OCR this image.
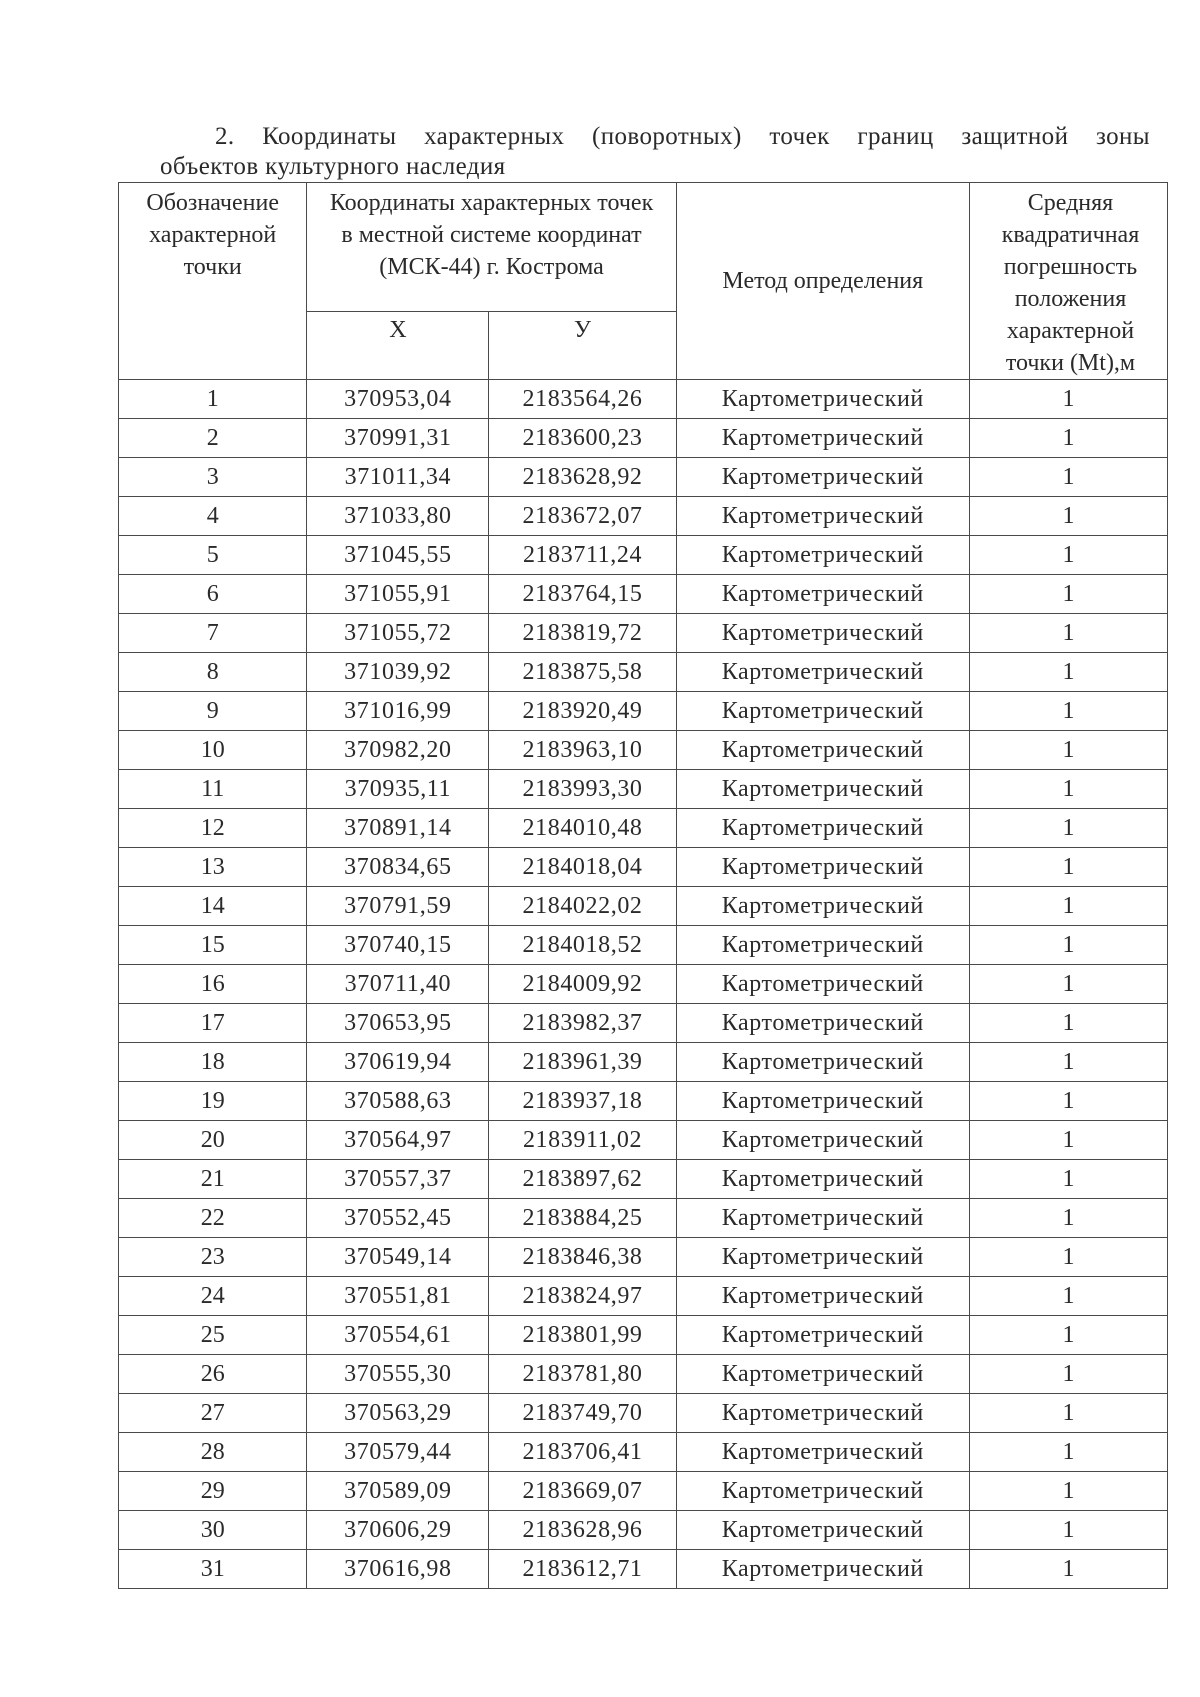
2. Координаты характерных (поворотных) точек границ защитной зоны
объектов культурного наследия
Обозначение характерной точки	Координаты характерных точек в местной системе координат (МСК-44) г. Кострома		Метод определения	Средняя квадратичная погрешность положения характерной точки (Mt),м
	X	У		
1	370953,04	2183564,26	Картометрический	1
2	370991,31	2183600,23	Картометрический	1
3	371011,34	2183628,92	Картометрический	1
4	371033,80	2183672,07	Картометрический	1
5	371045,55	2183711,24	Картометрический	1
6	371055,91	2183764,15	Картометрический	1
7	371055,72	2183819,72	Картометрический	1
8	371039,92	2183875,58	Картометрический	1
9	371016,99	2183920,49	Картометрический	1
10	370982,20	2183963,10	Картометрический	1
11	370935,11	2183993,30	Картометрический	1
12	370891,14	2184010,48	Картометрический	1
13	370834,65	2184018,04	Картометрический	1
14	370791,59	2184022,02	Картометрический	1
15	370740,15	2184018,52	Картометрический	1
16	370711,40	2184009,92	Картометрический	1
17	370653,95	2183982,37	Картометрический	1
18	370619,94	2183961,39	Картометрический	1
19	370588,63	2183937,18	Картометрический	1
20	370564,97	2183911,02	Картометрический	1
21	370557,37	2183897,62	Картометрический	1
22	370552,45	2183884,25	Картометрический	1
23	370549,14	2183846,38	Картометрический	1
24	370551,81	2183824,97	Картометрический	1
25	370554,61	2183801,99	Картометрический	1
26	370555,30	2183781,80	Картометрический	1
27	370563,29	2183749,70	Картометрический	1
28	370579,44	2183706,41	Картометрический	1
29	370589,09	2183669,07	Картометрический	1
30	370606,29	2183628,96	Картометрический	1
31	370616,98	2183612,71	Картометрический	1
